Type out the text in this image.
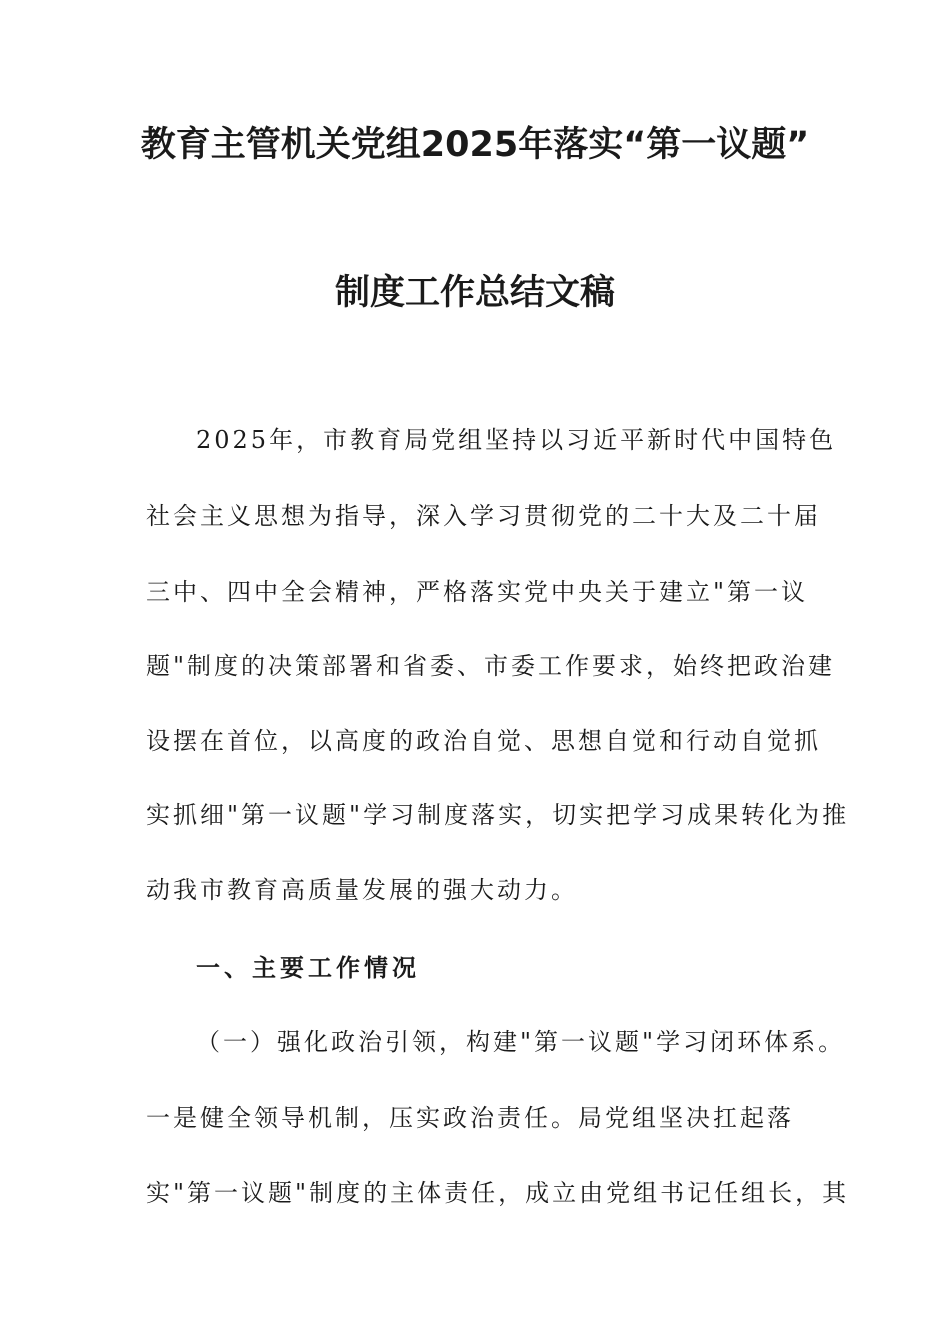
教育主管机关党组2025年落实“第一议题”
制度工作总结文稿
2025年，市教育局党组坚持以习近平新时代中国特色
社会主义思想为指导，深入学习贯彻党的二十大及二十届
三中、四中全会精神，严格落实党中央关于建立"第一议
题"制度的决策部署和省委、市委工作要求，始终把政治建
设摆在首位，以高度的政治自觉、思想自觉和行动自觉抓
实抓细"第一议题"学习制度落实，切实把学习成果转化为推
动我市教育高质量发展的强大动力。
一、主要工作情况
（一）强化政治引领，构建"第一议题"学习闭环体系。
一是健全领导机制，压实政治责任。局党组坚决扛起落
实"第一议题"制度的主体责任，成立由党组书记任组长，其
